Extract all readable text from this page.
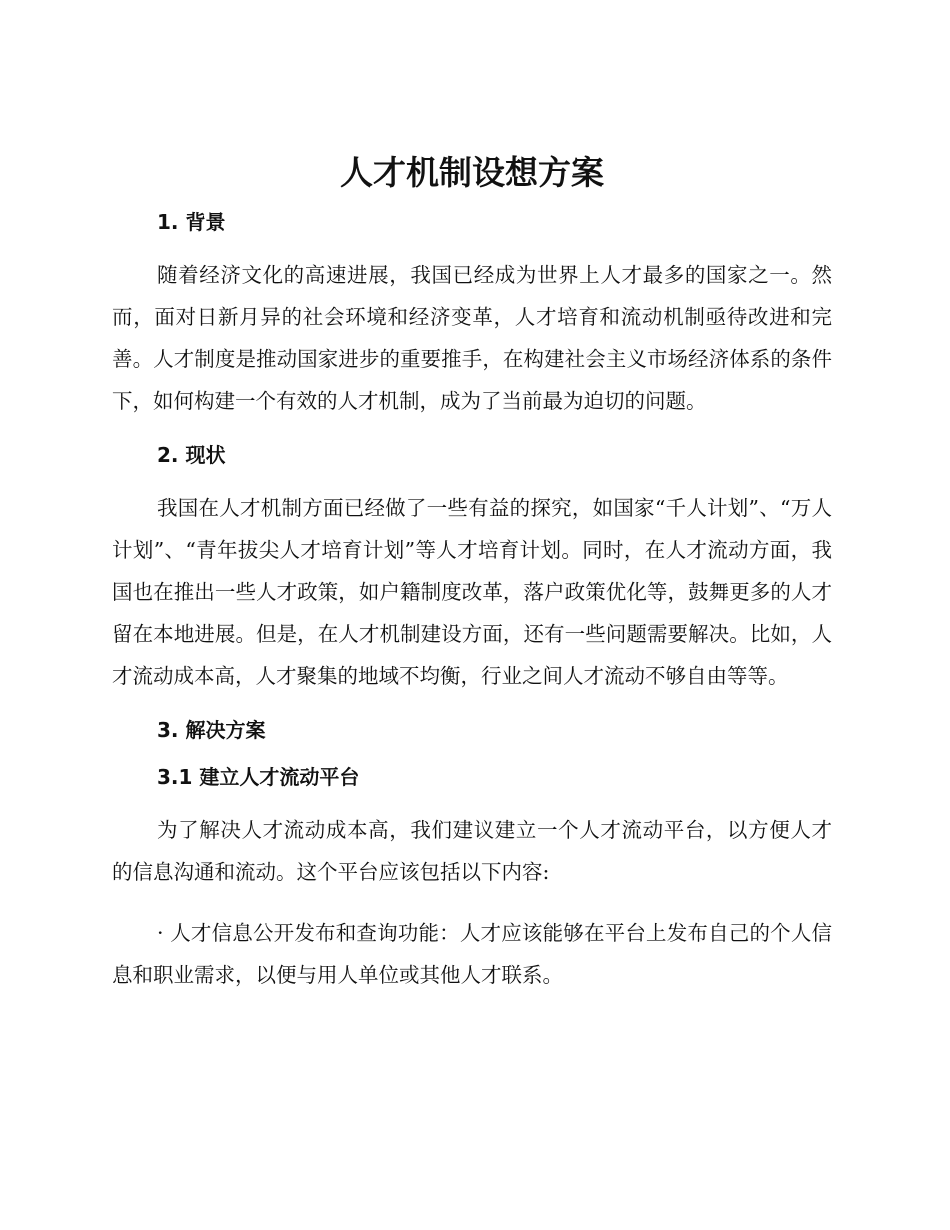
人才机制设想方案
1. 背景

随着经济文化的高速进展，我国已经成为世界上人才最多的国家之一。然而，面对日新月异的社会环境和经济变革，人才培育和流动机制亟待改进和完善。人才制度是推动国家进步的重要推手，在构建社会主义市场经济体系的条件下，如何构建一个有效的人才机制，成为了当前最为迫切的问题。

2. 现状

我国在人才机制方面已经做了一些有益的探究，如国家“千人计划”、“万人计划”、“青年拔尖人才培育计划”等人才培育计划。同时，在人才流动方面，我国也在推出一些人才政策，如户籍制度改革，落户政策优化等，鼓舞更多的人才留在本地进展。但是，在人才机制建设方面，还有一些问题需要解决。比如，人才流动成本高，人才聚集的地域不均衡，行业之间人才流动不够自由等等。

3. 解决方案
3.1 建立人才流动平台

为了解决人才流动成本高，我们建议建立一个人才流动平台，以方便人才的信息沟通和流动。这个平台应该包括以下内容:

· 人才信息公开发布和查询功能：人才应该能够在平台上发布自己的个人信息和职业需求，以便与用人单位或其他人才联系。
